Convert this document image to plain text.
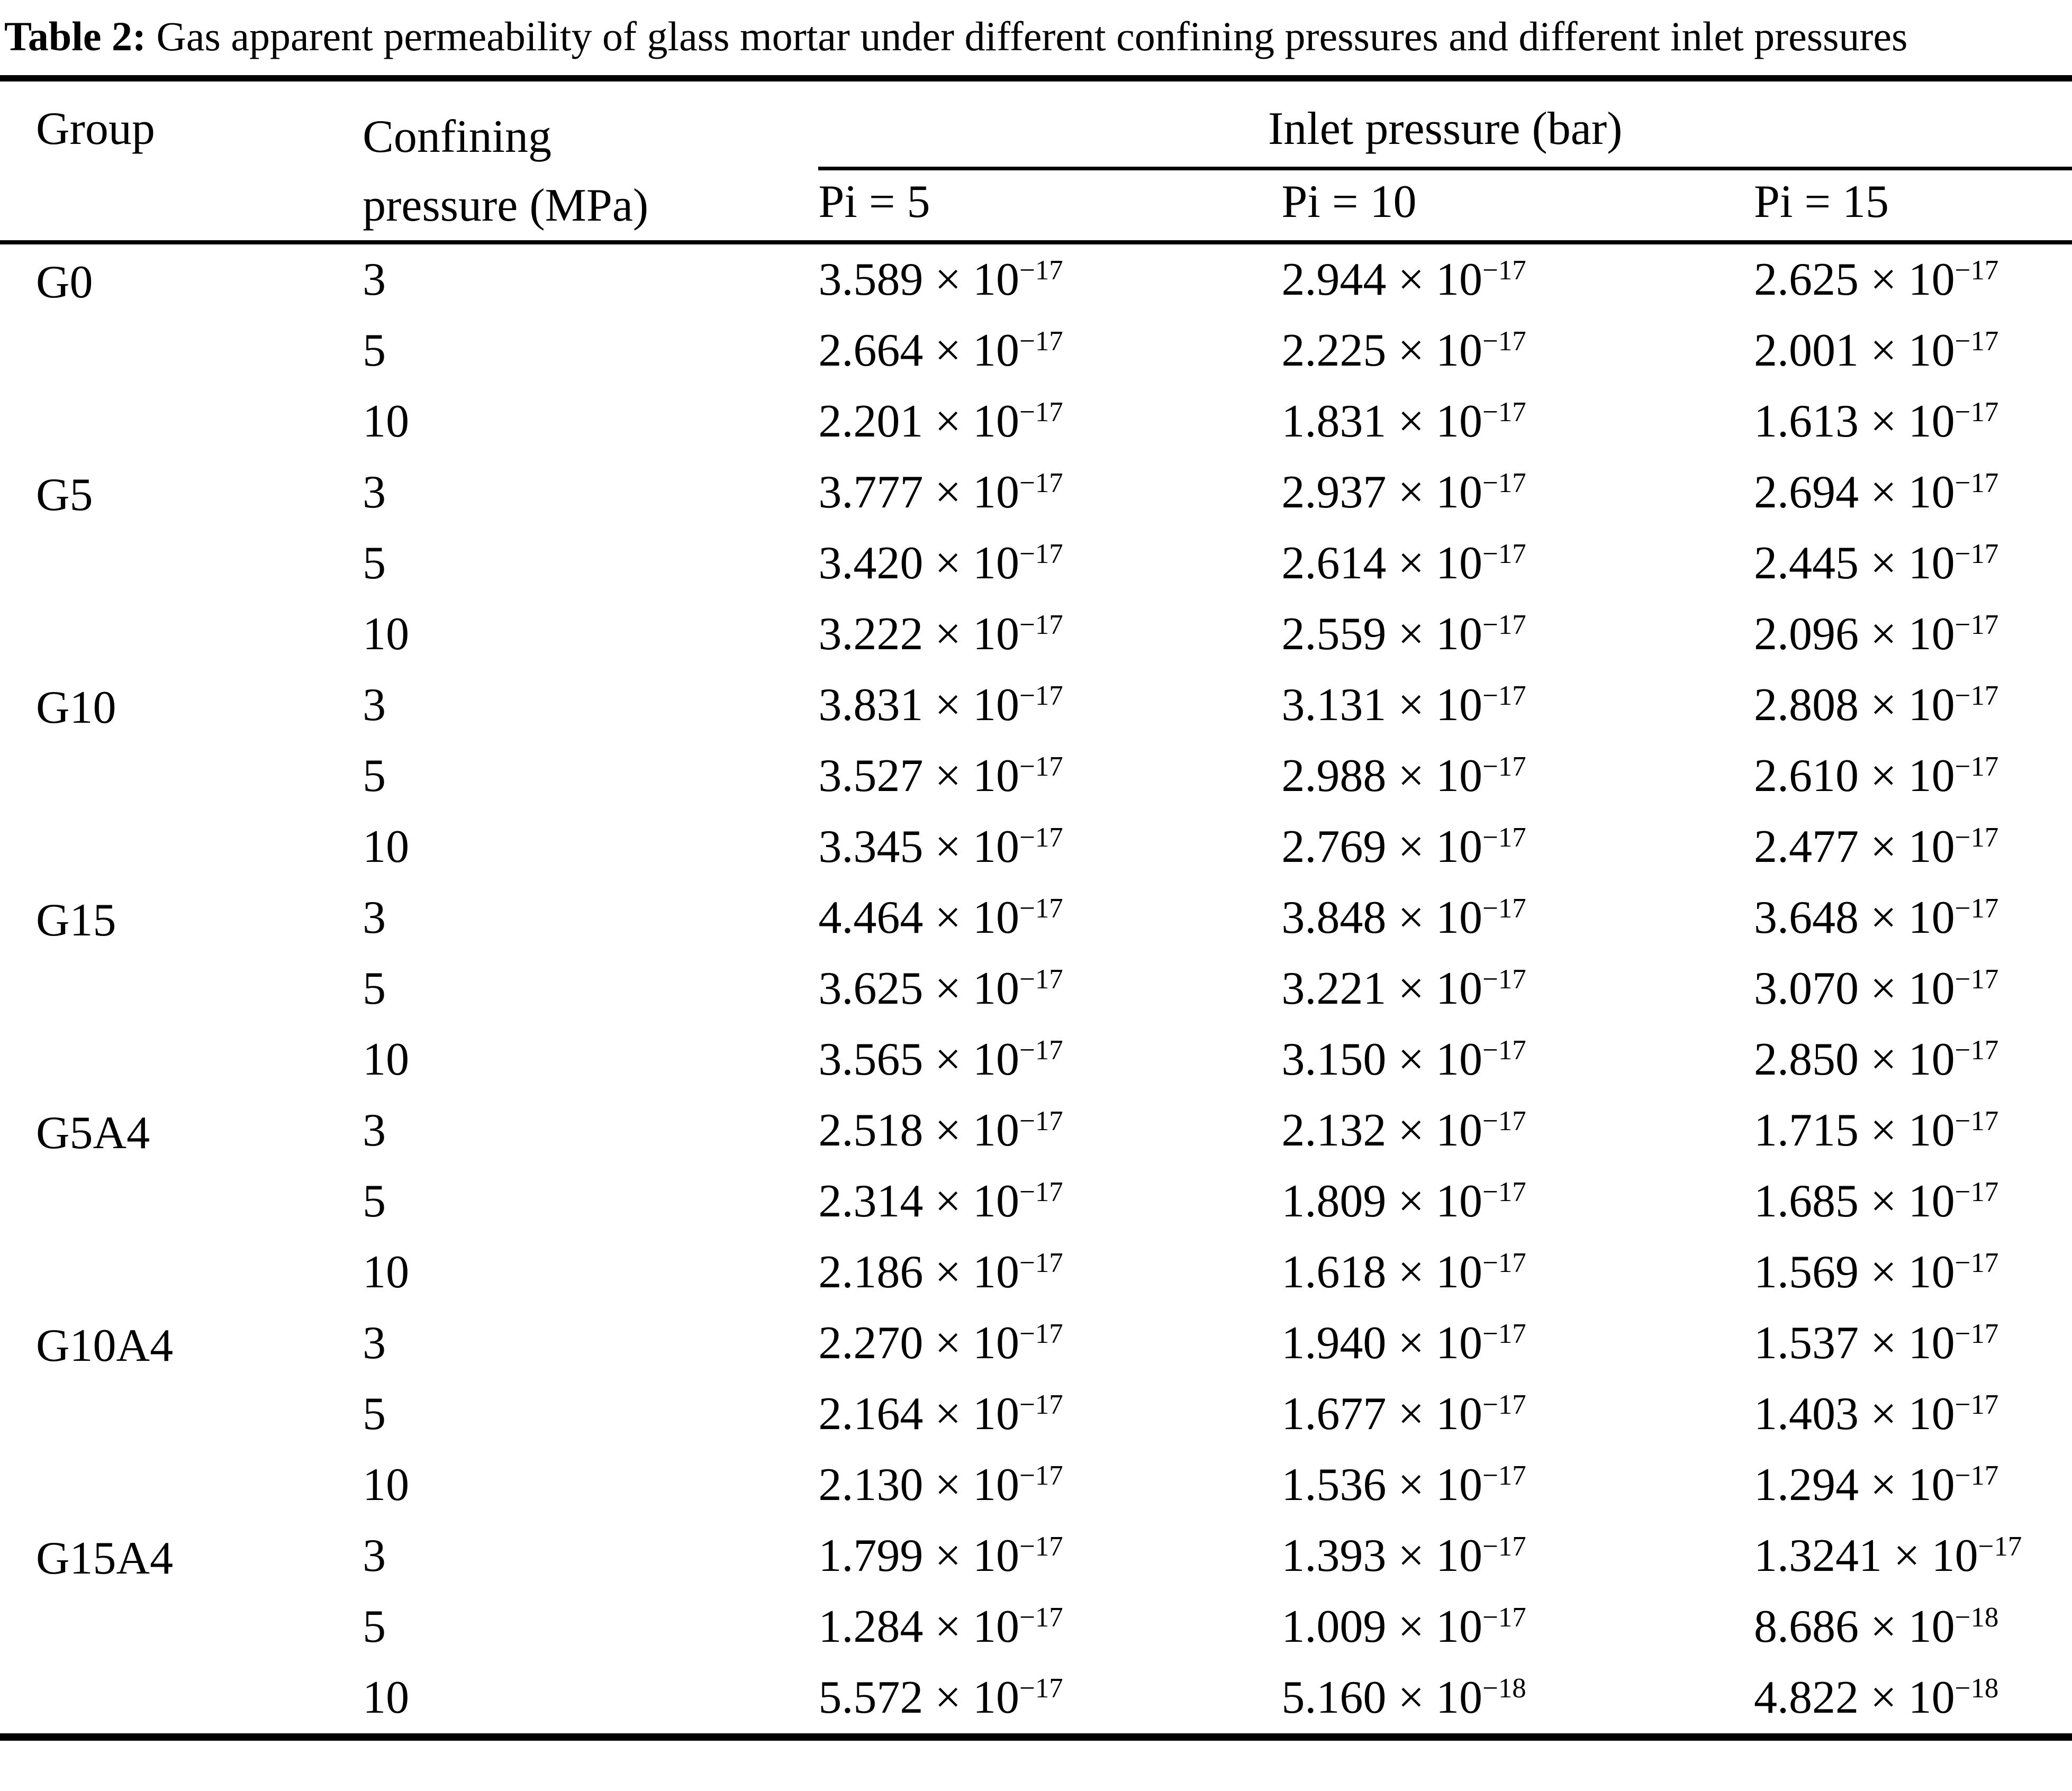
Table 2: Gas apparent permeability of glass mortar under different confining pressures and different inlet pressures
Group	Confining pressure (MPa)	Inlet pressure (bar)		
		Pi = 5	Pi = 10	Pi = 15
G0	3	$3.589 \times 10^{-17}$	$2.944 \times 10^{-17}$	$2.625 \times 10^{-17}$
	5	$2.664 \times 10^{-17}$	$2.225 \times 10^{-17}$	$2.001 \times 10^{-17}$
	10	$2.201 \times 10^{-17}$	$1.831 \times 10^{-17}$	$1.613 \times 10^{-17}$
G5	3	$3.777 \times 10^{-17}$	$2.937 \times 10^{-17}$	$2.694 \times 10^{-17}$
	5	$3.420 \times 10^{-17}$	$2.614 \times 10^{-17}$	$2.445 \times 10^{-17}$
	10	$3.222 \times 10^{-17}$	$2.559 \times 10^{-17}$	$2.096 \times 10^{-17}$
G10	3	$3.831 \times 10^{-17}$	$3.131 \times 10^{-17}$	$2.808 \times 10^{-17}$
	5	$3.527 \times 10^{-17}$	$2.988 \times 10^{-17}$	$2.610 \times 10^{-17}$
	10	$3.345 \times 10^{-17}$	$2.769 \times 10^{-17}$	$2.477 \times 10^{-17}$
G15	3	$4.464 \times 10^{-17}$	$3.848 \times 10^{-17}$	$3.648 \times 10^{-17}$
	5	$3.625 \times 10^{-17}$	$3.221 \times 10^{-17}$	$3.070 \times 10^{-17}$
	10	$3.565 \times 10^{-17}$	$3.150 \times 10^{-17}$	$2.850 \times 10^{-17}$
G5A4	3	$2.518 \times 10^{-17}$	$2.132 \times 10^{-17}$	$1.715 \times 10^{-17}$
	5	$2.314 \times 10^{-17}$	$1.809 \times 10^{-17}$	$1.685 \times 10^{-17}$
	10	$2.186 \times 10^{-17}$	$1.618 \times 10^{-17}$	$1.569 \times 10^{-17}$
G10A4	3	$2.270 \times 10^{-17}$	$1.940 \times 10^{-17}$	$1.537 \times 10^{-17}$
	5	$2.164 \times 10^{-17}$	$1.677 \times 10^{-17}$	$1.403 \times 10^{-17}$
	10	$2.130 \times 10^{-17}$	$1.536 \times 10^{-17}$	$1.294 \times 10^{-17}$
G15A4	3	$1.799 \times 10^{-17}$	$1.393 \times 10^{-17}$	$1.3241 \times 10^{-17}$
	5	$1.284 \times 10^{-17}$	$1.009 \times 10^{-17}$	$8.686 \times 10^{-18}$
	10	$5.572 \times 10^{-17}$	$5.160 \times 10^{-18}$	$4.822 \times 10^{-18}$
